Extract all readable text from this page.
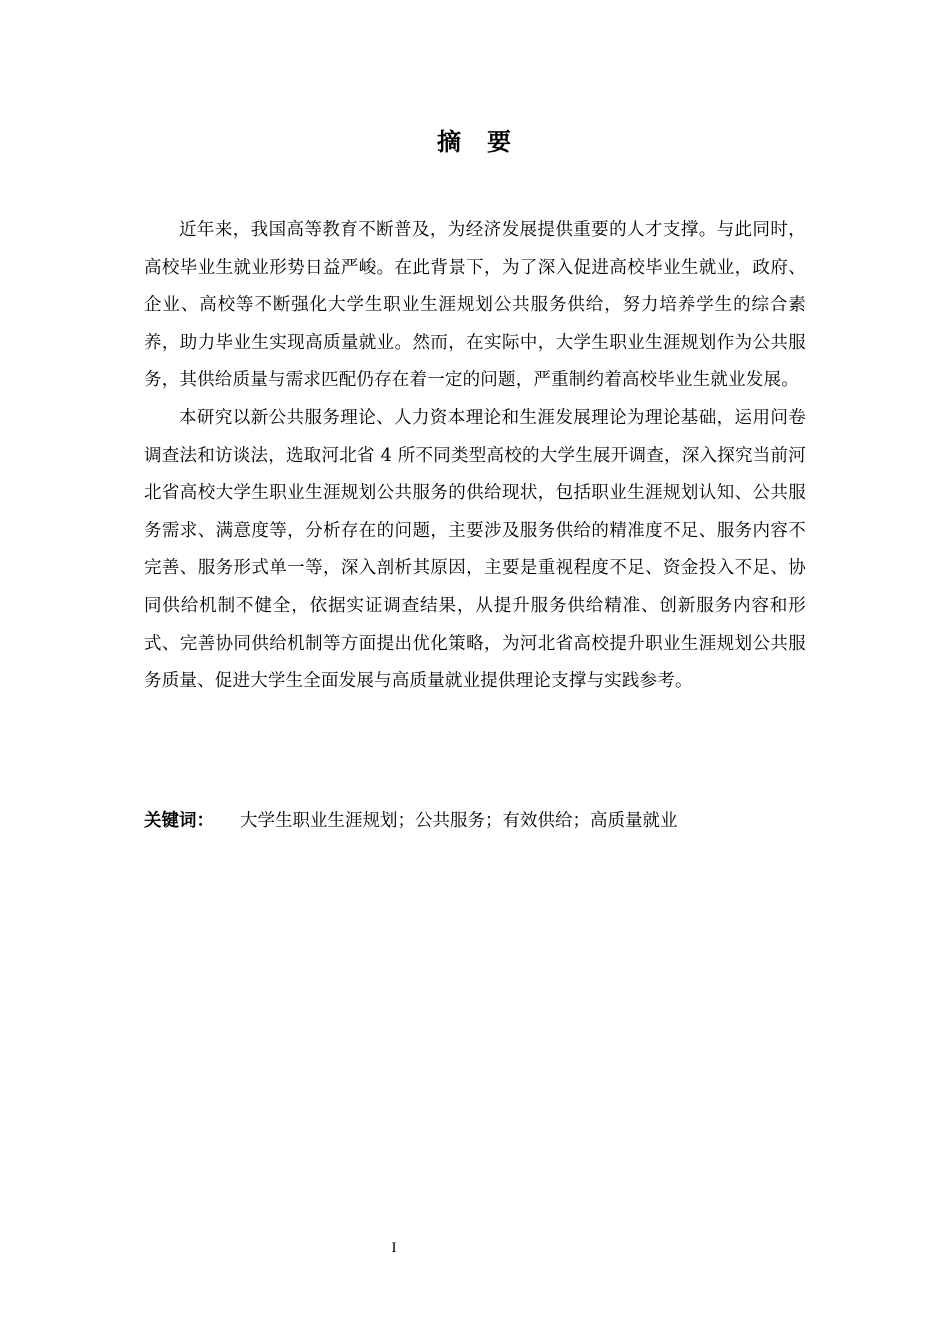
摘 要

近年来，我国高等教育不断普及，为经济发展提供重要的人才支撑。与此同时，高校毕业生就业形势日益严峻。在此背景下，为了深入促进高校毕业生就业，政府、企业、高校等不断强化大学生职业生涯规划公共服务供给，努力培养学生的综合素养，助力毕业生实现高质量就业。然而，在实际中，大学生职业生涯规划作为公共服务，其供给质量与需求匹配仍存在着一定的问题，严重制约着高校毕业生就业发展。

本研究以新公共服务理论、人力资本理论和生涯发展理论为理论基础，运用问卷调查法和访谈法，选取河北省 4 所不同类型高校的大学生展开调查，深入探究当前河北省高校大学生职业生涯规划公共服务的供给现状，包括职业生涯规划认知、公共服务需求、满意度等，分析存在的问题，主要涉及服务供给的精准度不足、服务内容不完善、服务形式单一等，深入剖析其原因，主要是重视程度不足、资金投入不足、协同供给机制不健全，依据实证调查结果，从提升服务供给精准、创新服务内容和形式、完善协同供给机制等方面提出优化策略，为河北省高校提升职业生涯规划公共服务质量、促进大学生全面发展与高质量就业提供理论支撑与实践参考。

关键词： 大学生职业生涯规划；公共服务；有效供给；高质量就业
I
